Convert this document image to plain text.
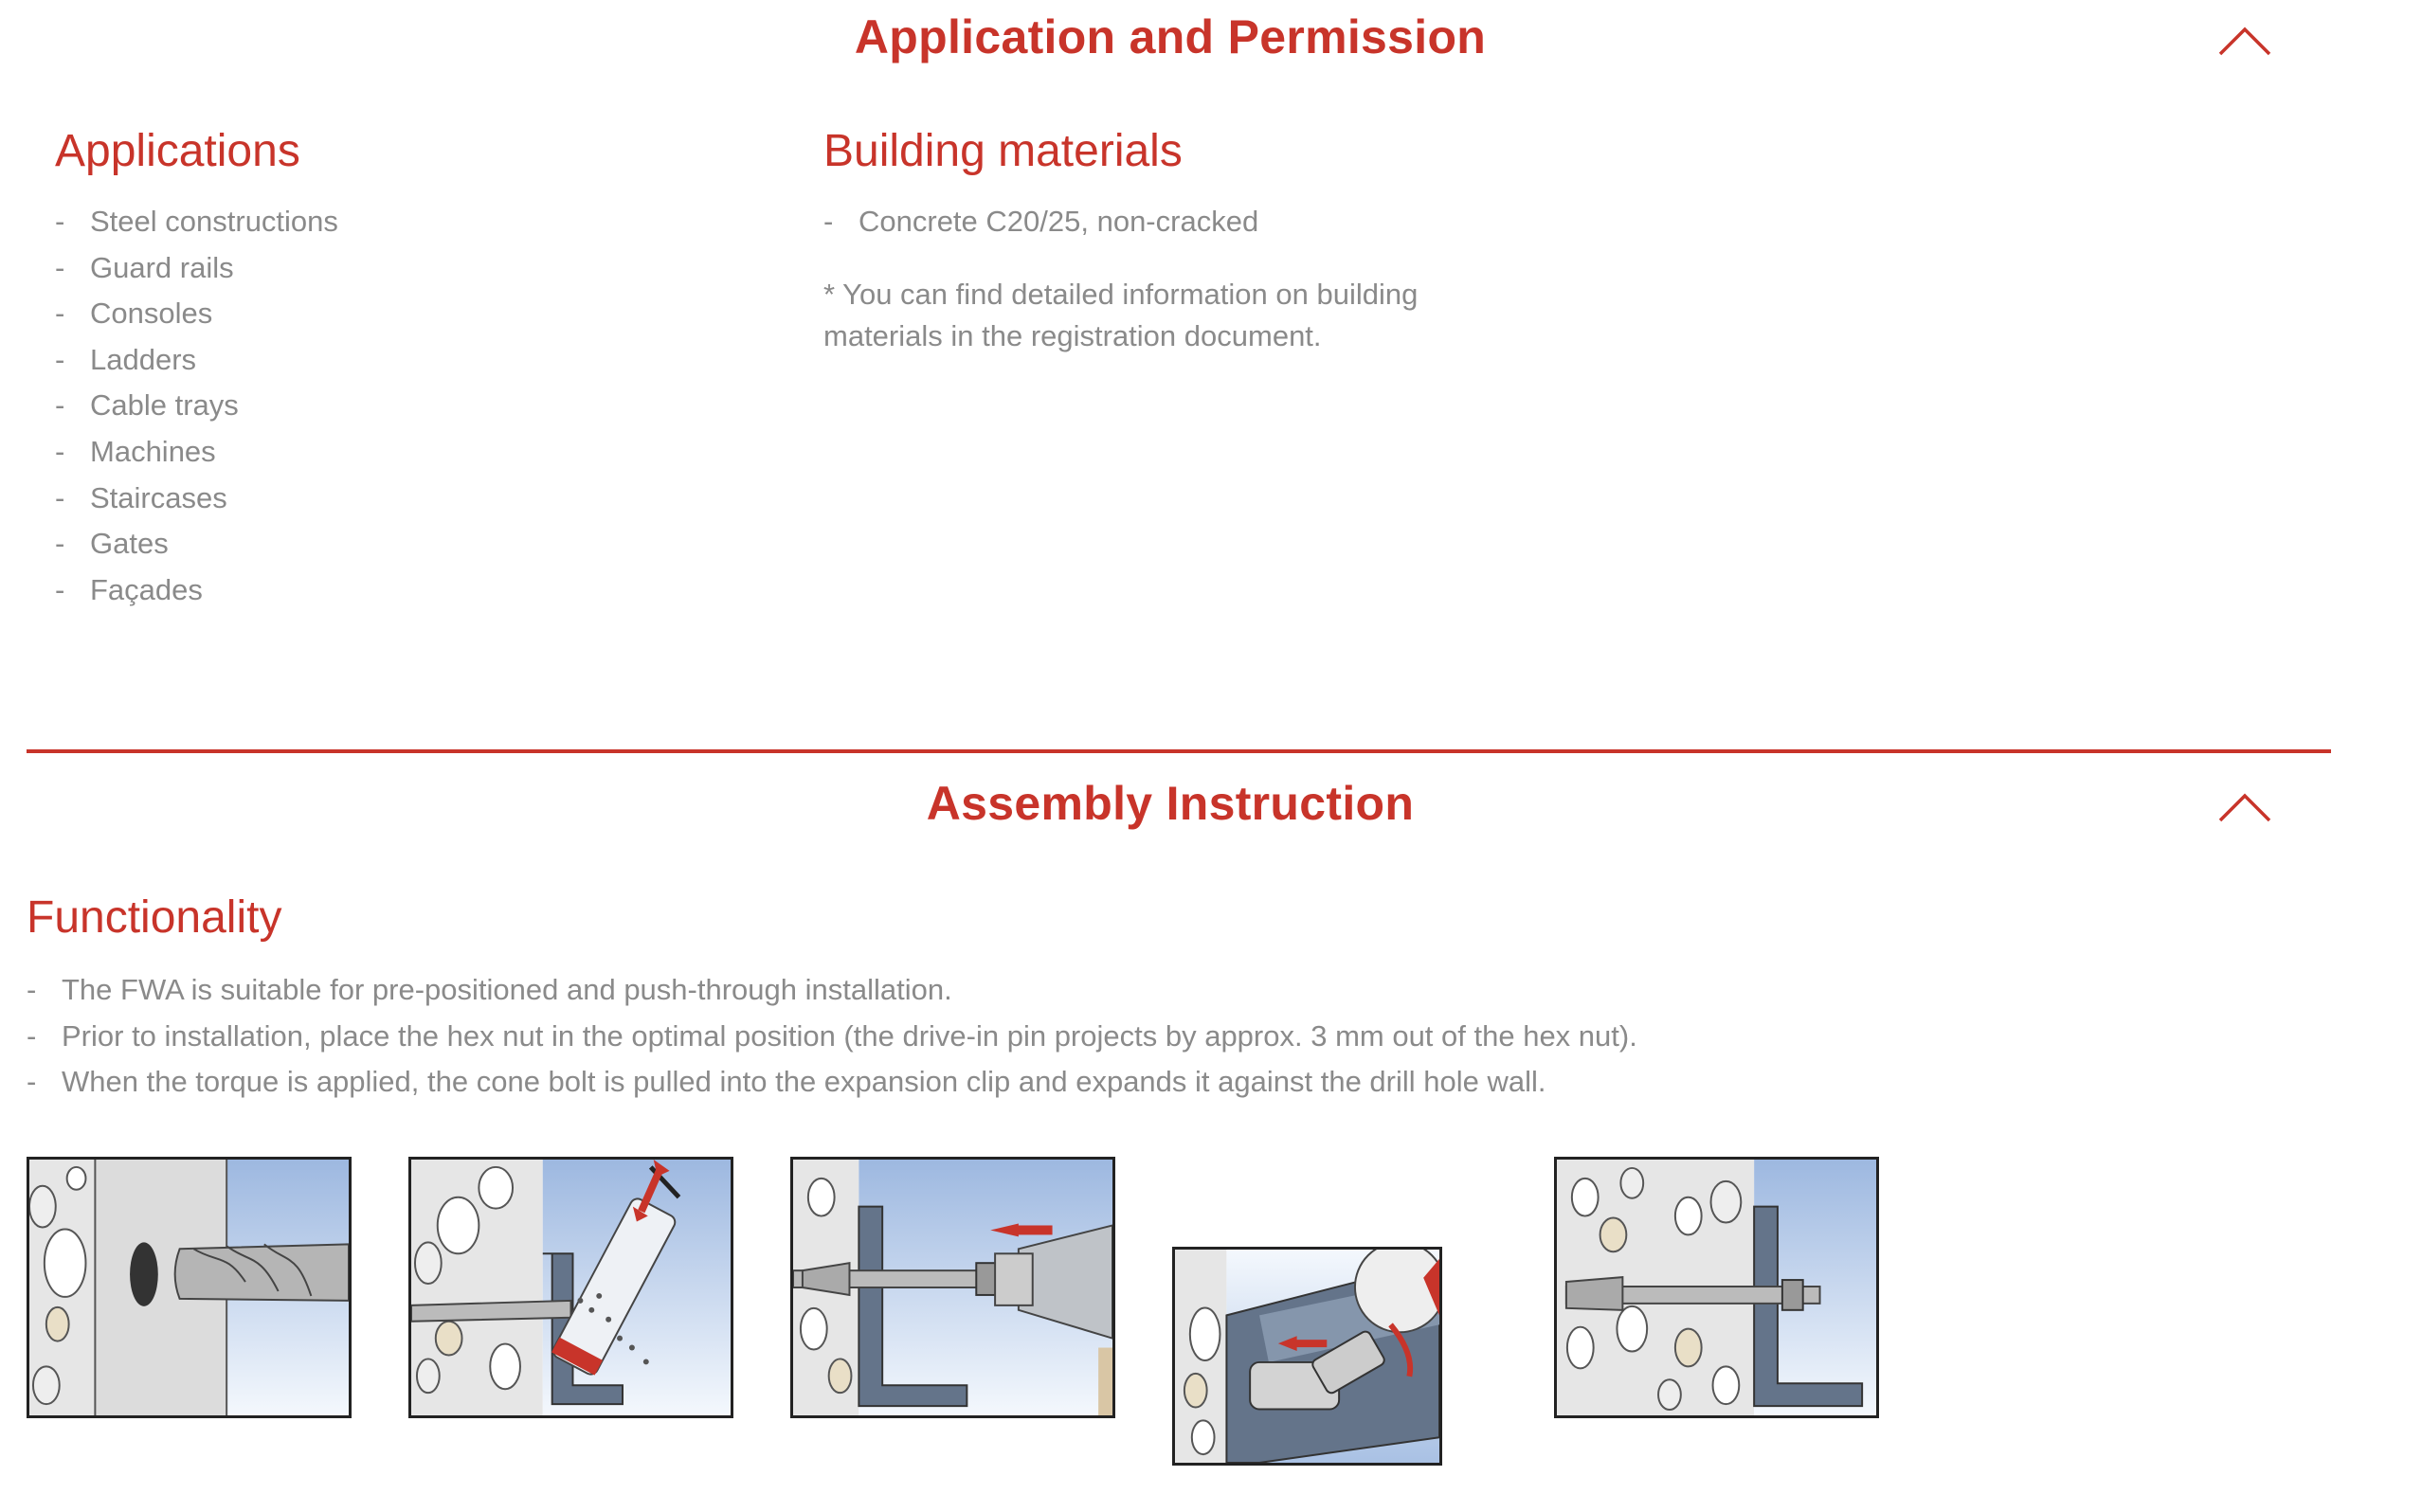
Application and Permission
Applications
- Steel constructions
- Guard rails
- Consoles
- Ladders
- Cable trays
- Machines
- Staircases
- Gates
- Façades
Building materials
- Concrete C20/25, non-cracked

* You can find detailed information on building
materials in the registration document.

Assembly Instruction
Functionality
- The FWA is suitable for pre-positioned and push-through installation.
- Prior to installation, place the hex nut in the optimal position (the drive-in pin projects by approx. 3 mm out of the hex nut).
- When the torque is applied, the cone bolt is pulled into the expansion clip and expands it against the drill hole wall.
